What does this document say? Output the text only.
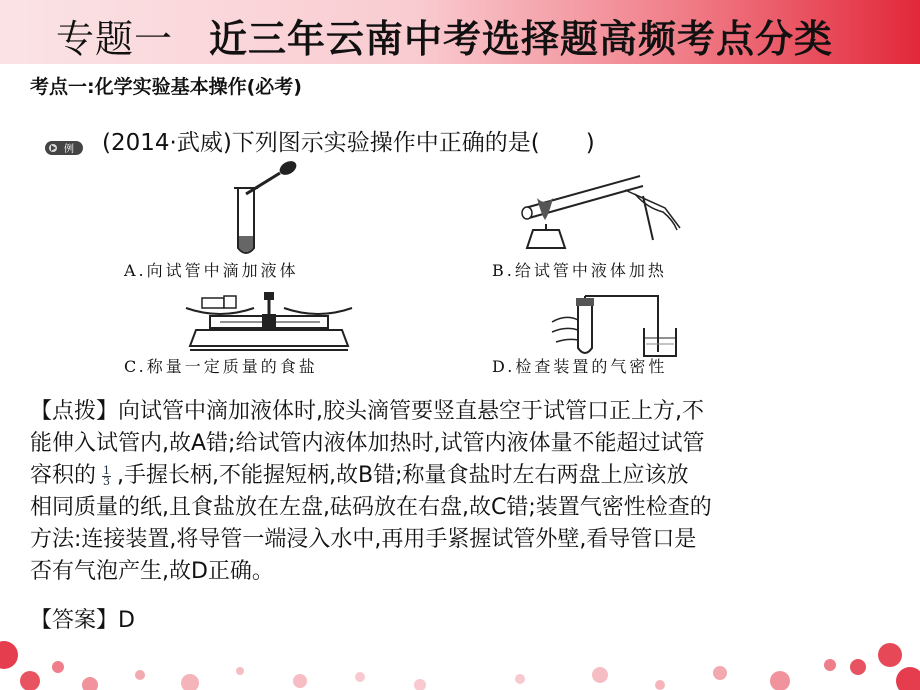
专题一 近三年云南中考选择题高频考点分类
考点一:化学实验基本操作(必考)
例 (2014·武威)下列图示实验操作中正确的是(　　)
A.向试管中滴加液体	B.给试管中液体加热
C.称量一定质量的食盐	D.检查装置的气密性

【点拨】向试管中滴加液体时,胶头滴管要竖直悬空于试管口正上方,不

能伸入试管内,故A错;给试管内液体加热时,试管内液体量不能超过试管

容积的 $\frac{1}{3}$ ,手握长柄,不能握短柄,故B错;称量食盐时左右两盘上应该放

相同质量的纸,且食盐放在左盘,砝码放在右盘,故C错;装置气密性检查的

方法:连接装置,将导管一端浸入水中,再用手紧握试管外壁,看导管口是

否有气泡产生,故D正确。

【答案】D
